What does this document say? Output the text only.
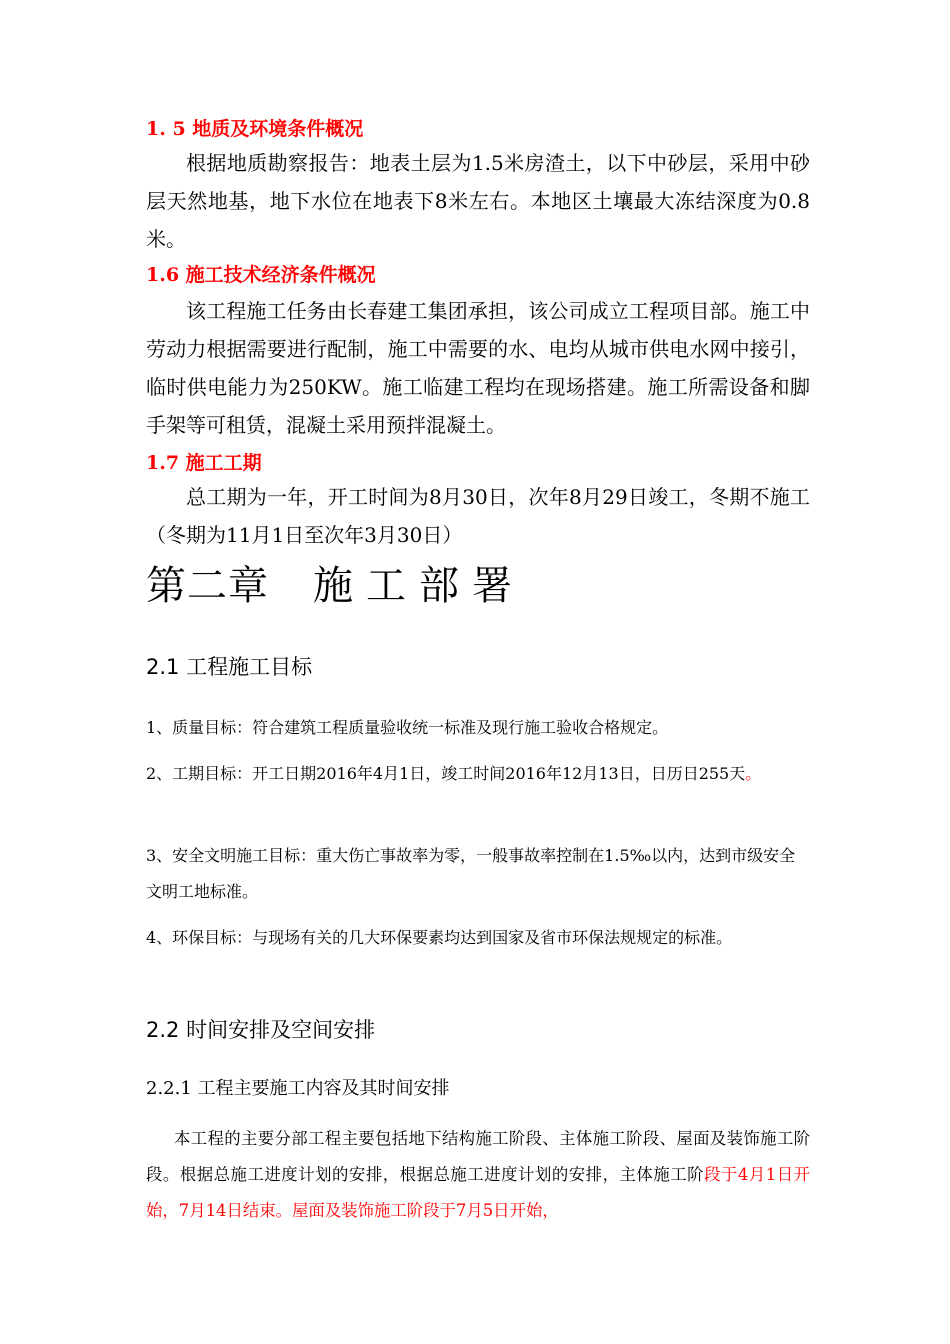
1. 5 地质及环境条件概况
根据地质勘察报告：地表土层为1.5米房渣土，以下中砂层，采用中砂层天然地基，地下水位在地表下8米左右。本地区土壤最大冻结深度为0.8米。
1.6 施工技术经济条件概况
该工程施工任务由长春建工集团承担，该公司成立工程项目部。施工中劳动力根据需要进行配制，施工中需要的水、电均从城市供电水网中接引，临时供电能力为250KW。施工临建工程均在现场搭建。施工所需设备和脚手架等可租赁，混凝土采用预拌混凝土。
1.7 施工工期
总工期为一年，开工时间为8月30日，次年8月29日竣工，冬期不施工（冬期为11月1日至次年3月30日）
第二章 施工部署
2.1 工程施工目标
1、质量目标：符合建筑工程质量验收统一标准及现行施工验收合格规定。
2、工期目标：开工日期2016年4月1日，竣工时间2016年12月13日，日历日255天。
3、安全文明施工目标：重大伤亡事故率为零，一般事故率控制在1.5‰以内，达到市级安全文明工地标准。
4、环保目标：与现场有关的几大环保要素均达到国家及省市环保法规规定的标准。
2.2 时间安排及空间安排
2.2.1 工程主要施工内容及其时间安排
本工程的主要分部工程主要包括地下结构施工阶段、主体施工阶段、屋面及装饰施工阶段。根据总施工进度计划的安排，根据总施工进度计划的安排，主体施工阶段于4月1日开始，7月14日结束。屋面及装饰施工阶段于7月5日开始，
